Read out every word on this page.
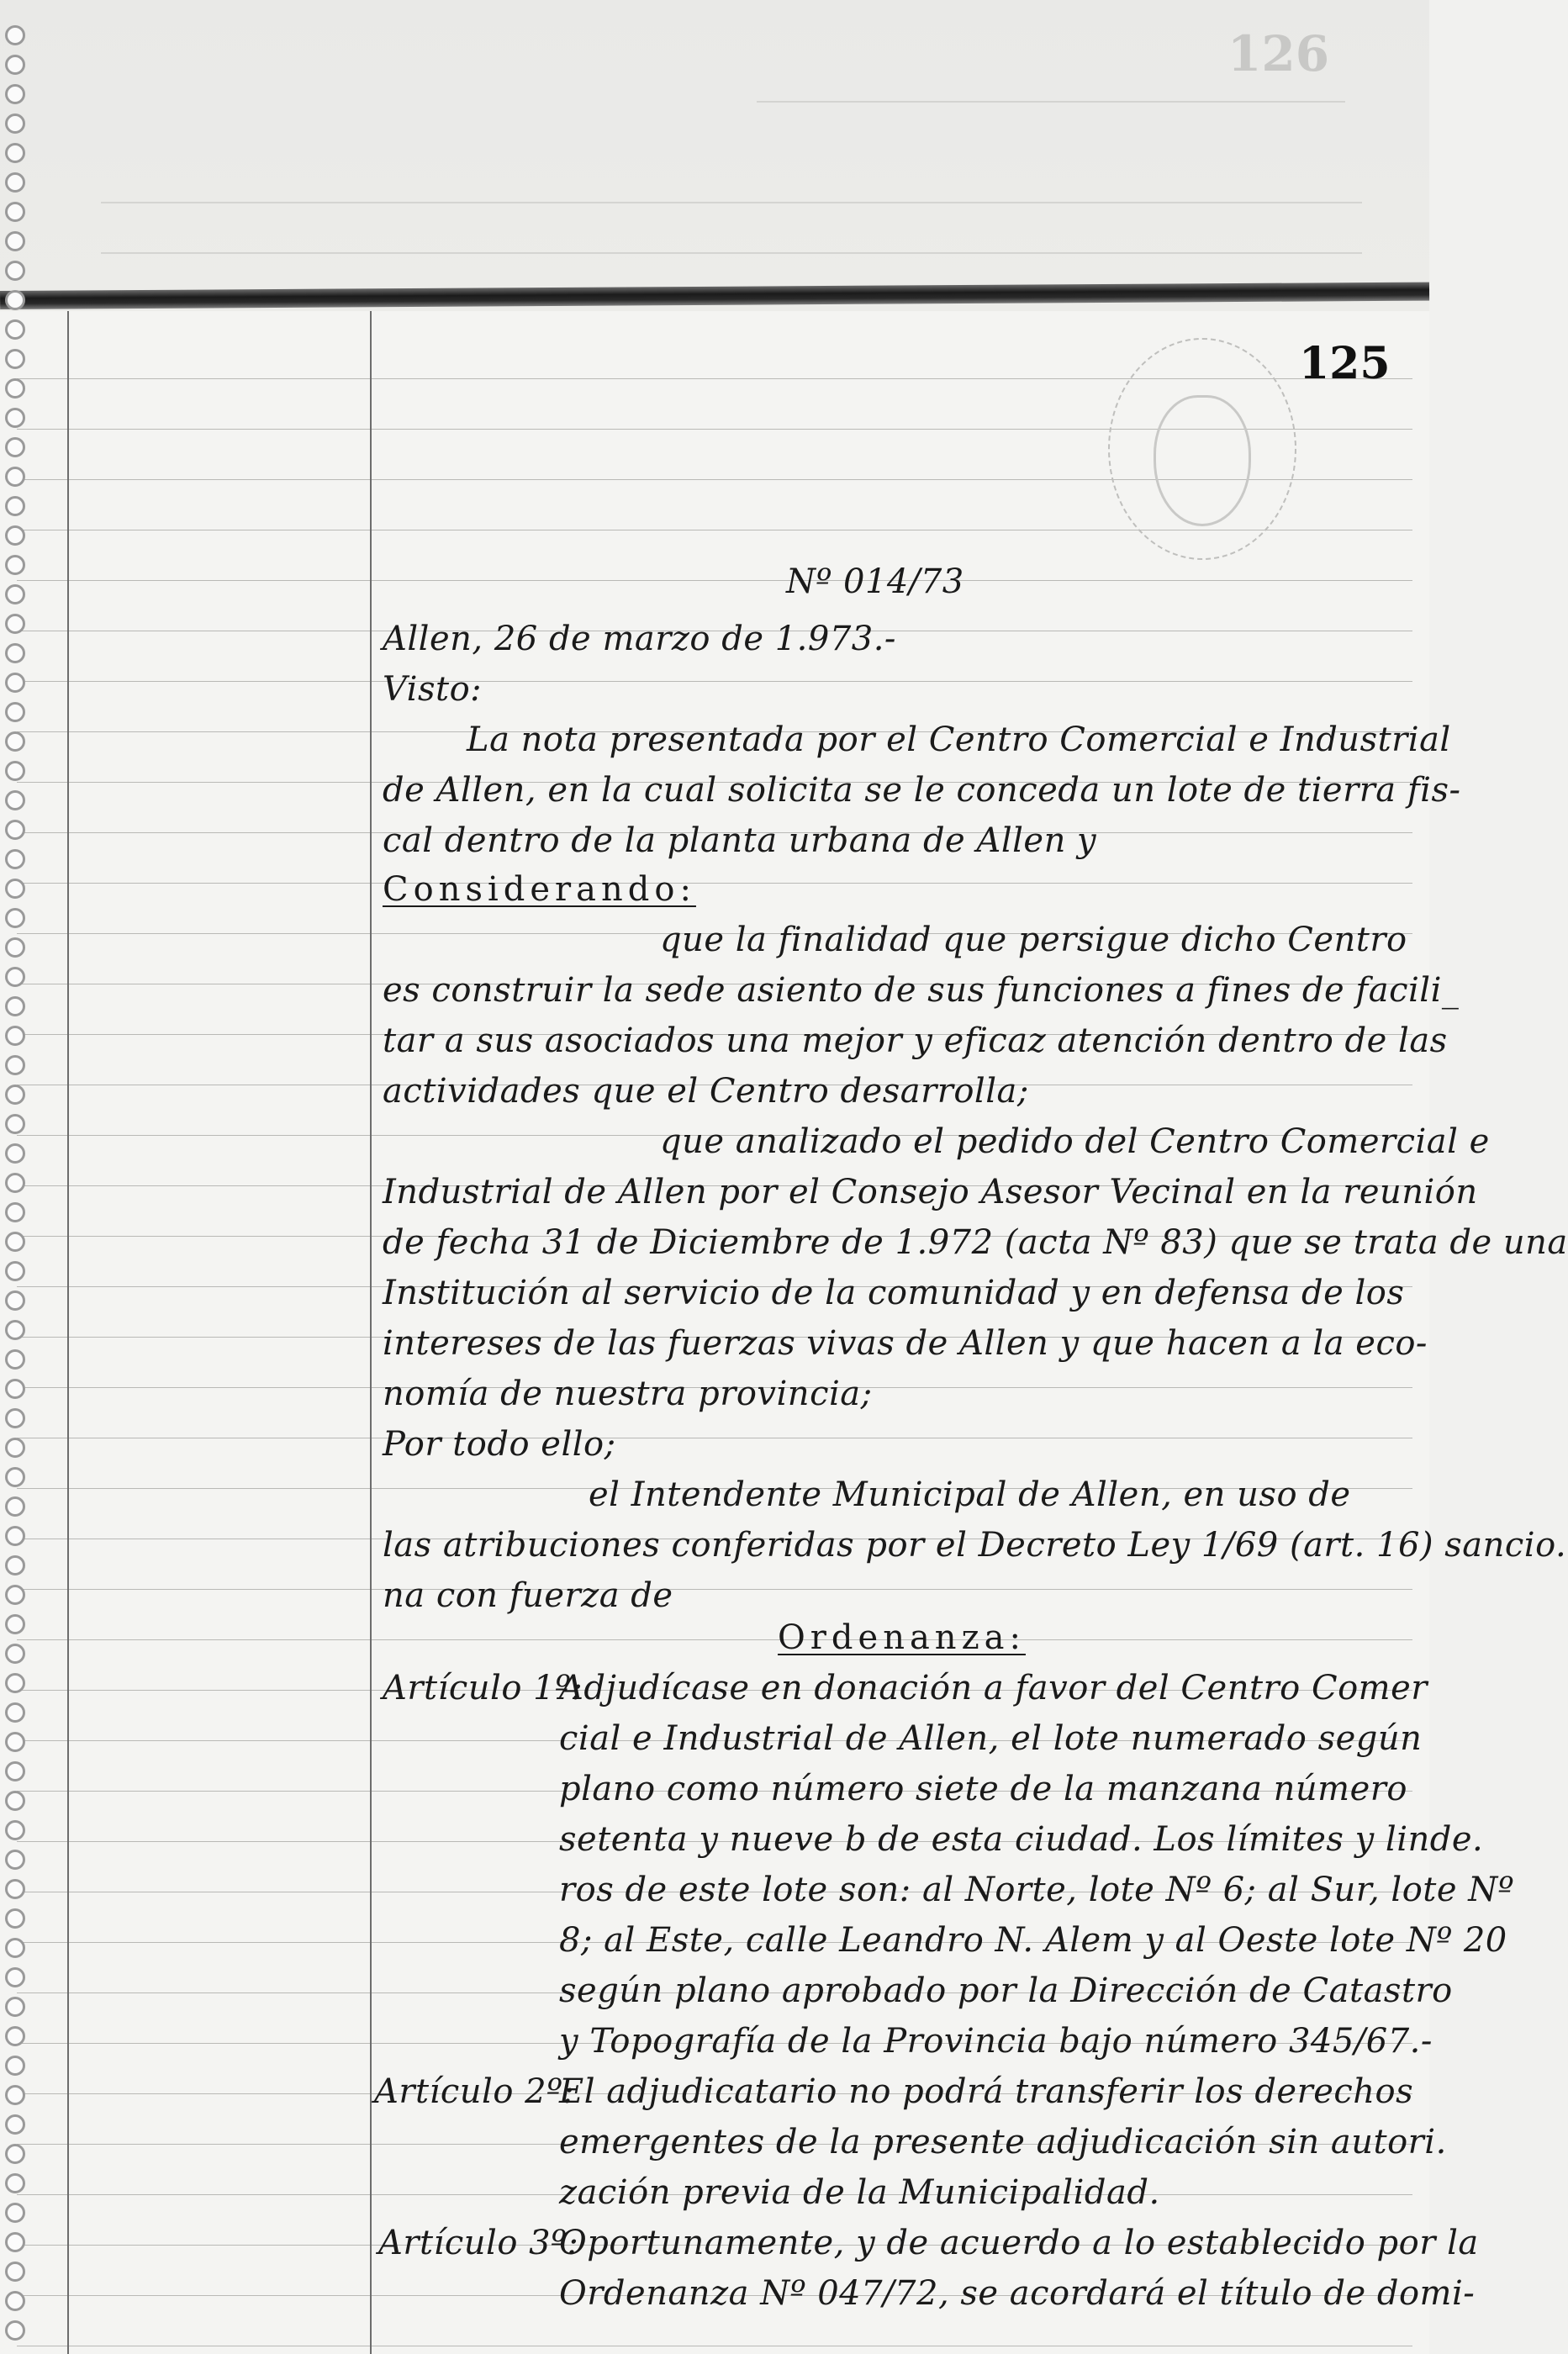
126
125
Nº 014/73
Allen, 26 de marzo de 1.973.-
Visto:
La nota presentada por el Centro Comercial e Industrial
de Allen, en la cual solicita se le conceda un lote de tierra fis-
cal dentro de la planta urbana de Allen y
Considerando:
que la finalidad que persigue dicho Centro
es construir la sede asiento de sus funciones a fines de facili_
tar a sus asociados una mejor y eficaz atención dentro de las
actividades que el Centro desarrolla;
que analizado el pedido del Centro Comercial e
Industrial de Allen por el Consejo Asesor Vecinal en la reunión
de fecha 31 de Diciembre de 1.972 (acta Nº 83) que se trata de una
Institución al servicio de la comunidad y en defensa de los
intereses de las fuerzas vivas de Allen y que hacen a la eco-
nomía de nuestra provincia;
Por todo ello;
el Intendente Municipal de Allen, en uso de
las atribuciones conferidas por el Decreto Ley 1/69 (art. 16) sancio.
na con fuerza de
Ordenanza:
Artículo 1º:
Adjudícase en donación a favor del Centro Comer
cial e Industrial de Allen, el lote numerado según
plano como número siete de la manzana número
setenta y nueve b de esta ciudad. Los límites y linde.
ros de este lote son: al Norte, lote Nº 6; al Sur, lote Nº
8; al Este, calle Leandro N. Alem y al Oeste lote Nº 20
según plano aprobado por la Dirección de Catastro
y Topografía de la Provincia bajo número 345/67.-
Artículo 2º:
El adjudicatario no podrá transferir los derechos
emergentes de la presente adjudicación sin autori.
zación previa de la Municipalidad.
Artículo 3º:
Oportunamente, y de acuerdo a lo establecido por la
Ordenanza Nº 047/72, se acordará el título de domi-
